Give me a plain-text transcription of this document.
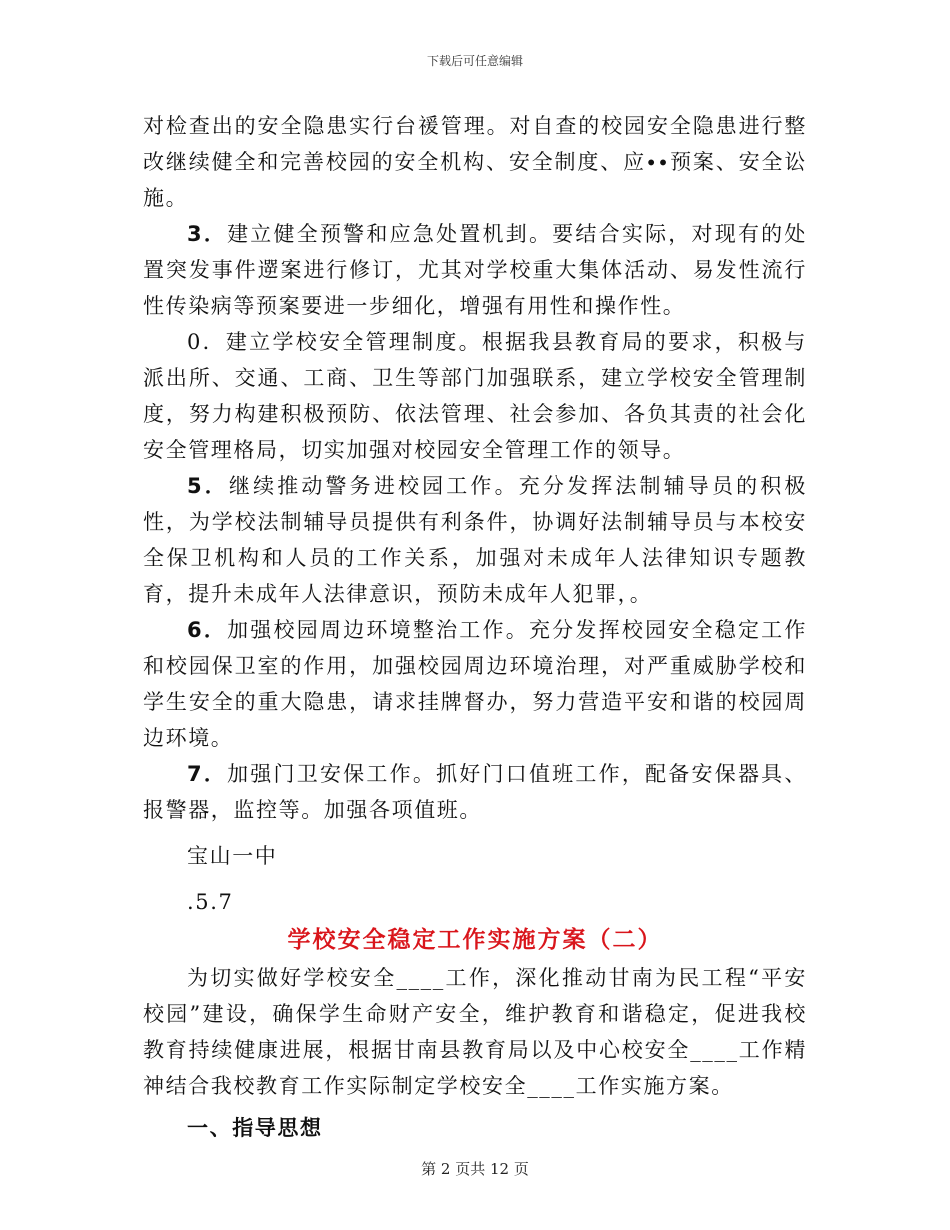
下载后可任意编辑

对检查出的安全隐患实行台禐管理。对自查的校园安全隐患进行整改继续健全和完善校园的安全机构、安全制度、应∙∙预案、安全讼施。

3．建立健全预警和应急处置机刲。要结合实际，对现有的处置突发事件遻案进行修订，尤其对学校重大集体活动、易发性流行性传染病等预案要进一步细化，增强有用性和操作性。

0．建立学校安全管理制度。根据我县教育局的要求，积极与派出所、交通、工商、卫生等部门加强联系，建立学校安全管理制度，努力构建积极预防、依法管理、社会参加、各负其责的社会化安全管理格局，切实加强对校园安全管理工作的领导。

5．继续推动警务进校园工作。充分发挥法制辅导员的积极性，为学校法制辅导员提供有利条件，协调好法制辅导员与本校安全保卫机构和人员的工作关系，加强对未成年人法律知识专题教育，提升未成年人法律意识，预防未成年人犯罪，。

6．加强校园周边环境整治工作。充分发挥校园安全稳定工作和校园保卫室的作用，加强校园周边环境治理，对严重威胁学校和学生安全的重大隐患，请求挂牌督办，努力营造平安和谐的校园周边环境。

7．加强门卫安保工作。抓好门口值班工作，配备安保器具、报警器，监控等。加强各项值班。

宝山一中

.5.7

学校安全稳定工作实施方案（二）

为切实做好学校安全____工作，深化推动甘南为民工程“平安校园”建设，确保学生命财产安全，维护教育和谐稳定，促进我校教育持续健康进展，根据甘南县教育局以及中心校安全____工作精神结合我校教育工作实际制定学校安全____工作实施方案。

一、指导思想

第 2 页共 12 页
